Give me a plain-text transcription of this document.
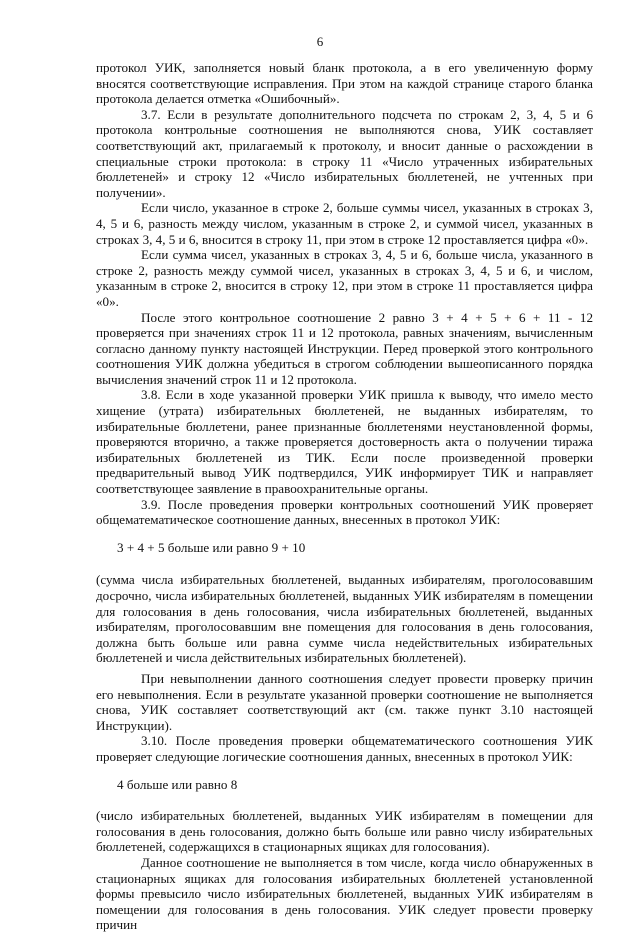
6

протокол УИК, заполняется новый бланк протокола, а в его увеличенную форму вносятся соответствующие исправления. При этом на каждой странице старого бланка протокола делается отметка «Ошибочный».

3.7. Если в результате дополнительного подсчета по строкам 2, 3, 4, 5 и 6 протокола контрольные соотношения не выполняются снова, УИК составляет соответствующий акт, прилагаемый к протоколу, и вносит данные о расхождении в специальные строки протокола: в строку 11 «Число утраченных избирательных бюллетеней» и строку 12 «Число избирательных бюллетеней, не учтенных при получении».

Если число, указанное в строке 2, больше суммы чисел, указанных в строках 3, 4, 5 и 6, разность между числом, указанным в строке 2, и суммой чисел, указанных в строках 3, 4, 5 и 6, вносится в строку 11, при этом в строке 12 проставляется цифра «0».

Если сумма чисел, указанных в строках 3, 4, 5 и 6, больше числа, указанного в строке 2, разность между суммой чисел, указанных в строках 3, 4, 5 и 6, и числом, указанным в строке 2, вносится в строку 12, при этом в строке 11 проставляется цифра «0».

После этого контрольное соотношение 2 равно 3 + 4 + 5 + 6 + 11 - 12 проверяется при значениях строк 11 и 12 протокола, равных значениям, вычисленным согласно данному пункту настоящей Инструкции. Перед проверкой этого контрольного соотношения УИК должна убедиться в строгом соблюдении вышеописанного порядка вычисления значений строк 11 и 12 протокола.

3.8. Если в ходе указанной проверки УИК пришла к выводу, что имело место хищение (утрата) избирательных бюллетеней, не выданных избирателям, то избирательные бюллетени, ранее признанные бюллетенями неустановленной формы, проверяются вторично, а также проверяется достоверность акта о получении тиража избирательных бюллетеней из ТИК. Если после произведенной проверки предварительный вывод УИК подтвердился, УИК информирует ТИК и направляет соответствующее заявление в правоохранительные органы.

3.9. После проведения проверки контрольных соотношений УИК проверяет общематематическое соотношение данных, внесенных в протокол УИК:

3 + 4 + 5 больше или равно 9 + 10

(сумма числа избирательных бюллетеней, выданных избирателям, проголосовавшим досрочно, числа избирательных бюллетеней, выданных УИК избирателям в помещении для голосования в день голосования, числа избирательных бюллетеней, выданных избирателям, проголосовавшим вне помещения для голосования в день голосования, должна быть больше или равна сумме числа недействительных избирательных бюллетеней и числа действительных избирательных бюллетеней).

При невыполнении данного соотношения следует провести проверку причин его невыполнения. Если в результате указанной проверки соотношение не выполняется снова, УИК составляет соответствующий акт (см. также пункт 3.10 настоящей Инструкции).

3.10. После проведения проверки общематематического соотношения УИК проверяет следующие логические соотношения данных, внесенных в протокол УИК:

4 больше или равно 8

(число избирательных бюллетеней, выданных УИК избирателям в помещении для голосования в день голосования, должно быть больше или равно числу избирательных бюллетеней, содержащихся в стационарных ящиках для голосования).

Данное соотношение не выполняется в том числе, когда число обнаруженных в стационарных ящиках для голосования избирательных бюллетеней установленной формы превысило число избирательных бюллетеней, выданных УИК избирателям в помещении для голосования в день голосования. УИК следует провести проверку причин
